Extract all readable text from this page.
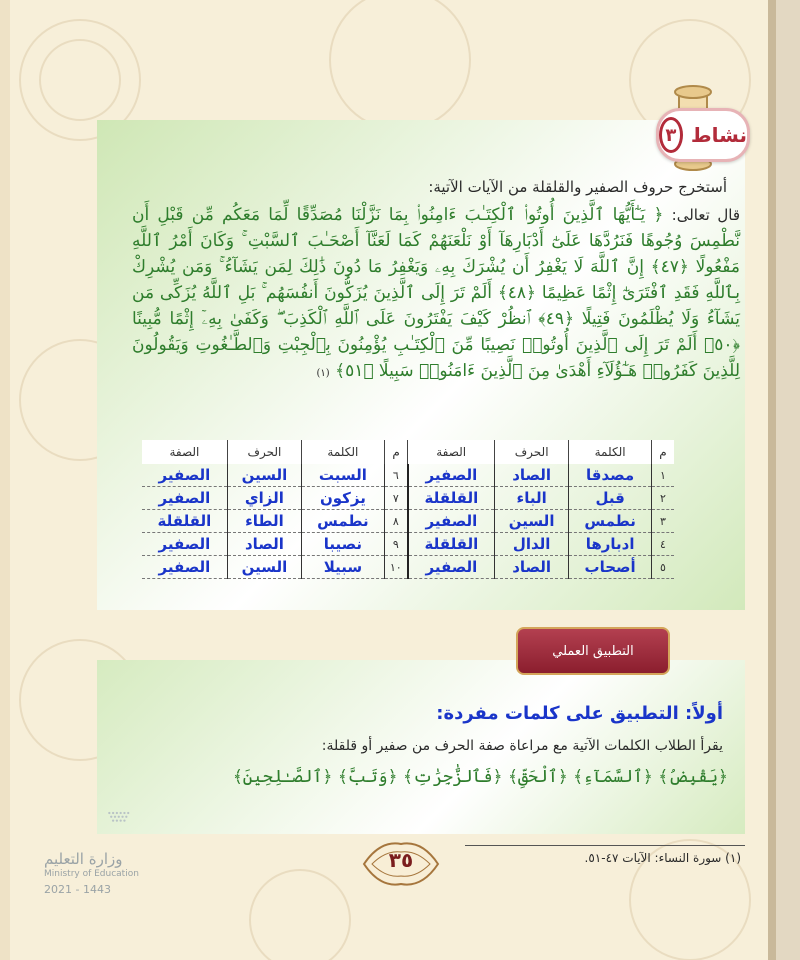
نشاط
٣
أستخرج حروف الصفير والقلقلة من الآيات الآتية:
قال تعالى: ﴿ يَـٰٓأَيُّهَا ٱلَّذِينَ أُوتُوا۟ ٱلْكِتَـٰبَ ءَامِنُوا۟ بِمَا نَزَّلْنَا مُصَدِّقًا لِّمَا مَعَكُم مِّن قَبْلِ أَن نَّطْمِسَ وُجُوهًا فَنَرُدَّهَا عَلَىٰٓ أَدْبَارِهَآ أَوْ نَلْعَنَهُمْ كَمَا لَعَنَّآ أَصْحَـٰبَ ٱلسَّبْتِ ۚ وَكَانَ أَمْرُ ٱللَّهِ مَفْعُولًا ﴿٤٧﴾ إِنَّ ٱللَّهَ لَا يَغْفِرُ أَن يُشْرَكَ بِهِۦ وَيَغْفِرُ مَا دُونَ ذَٰلِكَ لِمَن يَشَآءُ ۚ وَمَن يُشْرِكْ بِٱللَّهِ فَقَدِ ٱفْتَرَىٰٓ إِثْمًا عَظِيمًا ﴿٤٨﴾ أَلَمْ تَرَ إِلَى ٱلَّذِينَ يُزَكُّونَ أَنفُسَهُم ۚ بَلِ ٱللَّهُ يُزَكِّى مَن يَشَآءُ وَلَا يُظْلَمُونَ فَتِيلًا ﴿٤٩﴾ ٱنظُرْ كَيْفَ يَفْتَرُونَ عَلَى ٱللَّهِ ٱلْكَذِبَ ۖ وَكَفَىٰ بِهِۦٓ إِثْمًا مُّبِينًا ﴿٥٠﴾ أَلَمْ تَرَ إِلَى ٱلَّذِينَ أُوتُوا۟ نَصِيبًا مِّنَ ٱلْكِتَـٰبِ يُؤْمِنُونَ بِٱلْجِبْتِ وَٱلطَّـٰغُوتِ وَيَقُولُونَ لِلَّذِينَ كَفَرُوا۟ هَـٰٓؤُلَآءِ أَهْدَىٰ مِنَ ٱلَّذِينَ ءَامَنُوا۟ سَبِيلًا ﴿٥١﴾ (١)
م	الكلمة	الحرف	الصفة	م	الكلمة	الحرف	الصفة
١	مصدقا	الصاد	الصفير	٦	السبت	السين	الصفير
٢	قبل	الباء	القلقلة	٧	يزكون	الزاي	الصفير
٣	نطمس	السين	الصفير	٨	نطمس	الطاء	القلقلة
٤	ادبارها	الدال	القلقلة	٩	نصيبا	الصاد	الصفير
٥	أصحاب	الصاد	الصفير	١٠	سبيلا	السين	الصفير
التطبيق العملي
أولاً: التطبيق على كلمات مفردة:
يقرأ الطلاب الكلمات الآتية مع مراعاة صفة الحرف من صفير أو قلقلة:
﴿يَقْبِضُ﴾ ﴿ٱلسَّمَآءِ﴾ ﴿ٱلْحَقِّ﴾ ﴿فَٱلزَّٰجِرَٰتِ﴾ ﴿وَتَبَّ﴾ ﴿ٱلصَّـٰلِحِينَ﴾
(١) سورة النساء: الآيات ٤٧-٥١.
٣٥
وزارة التعليم
Ministry of Education
2021 - 1443
